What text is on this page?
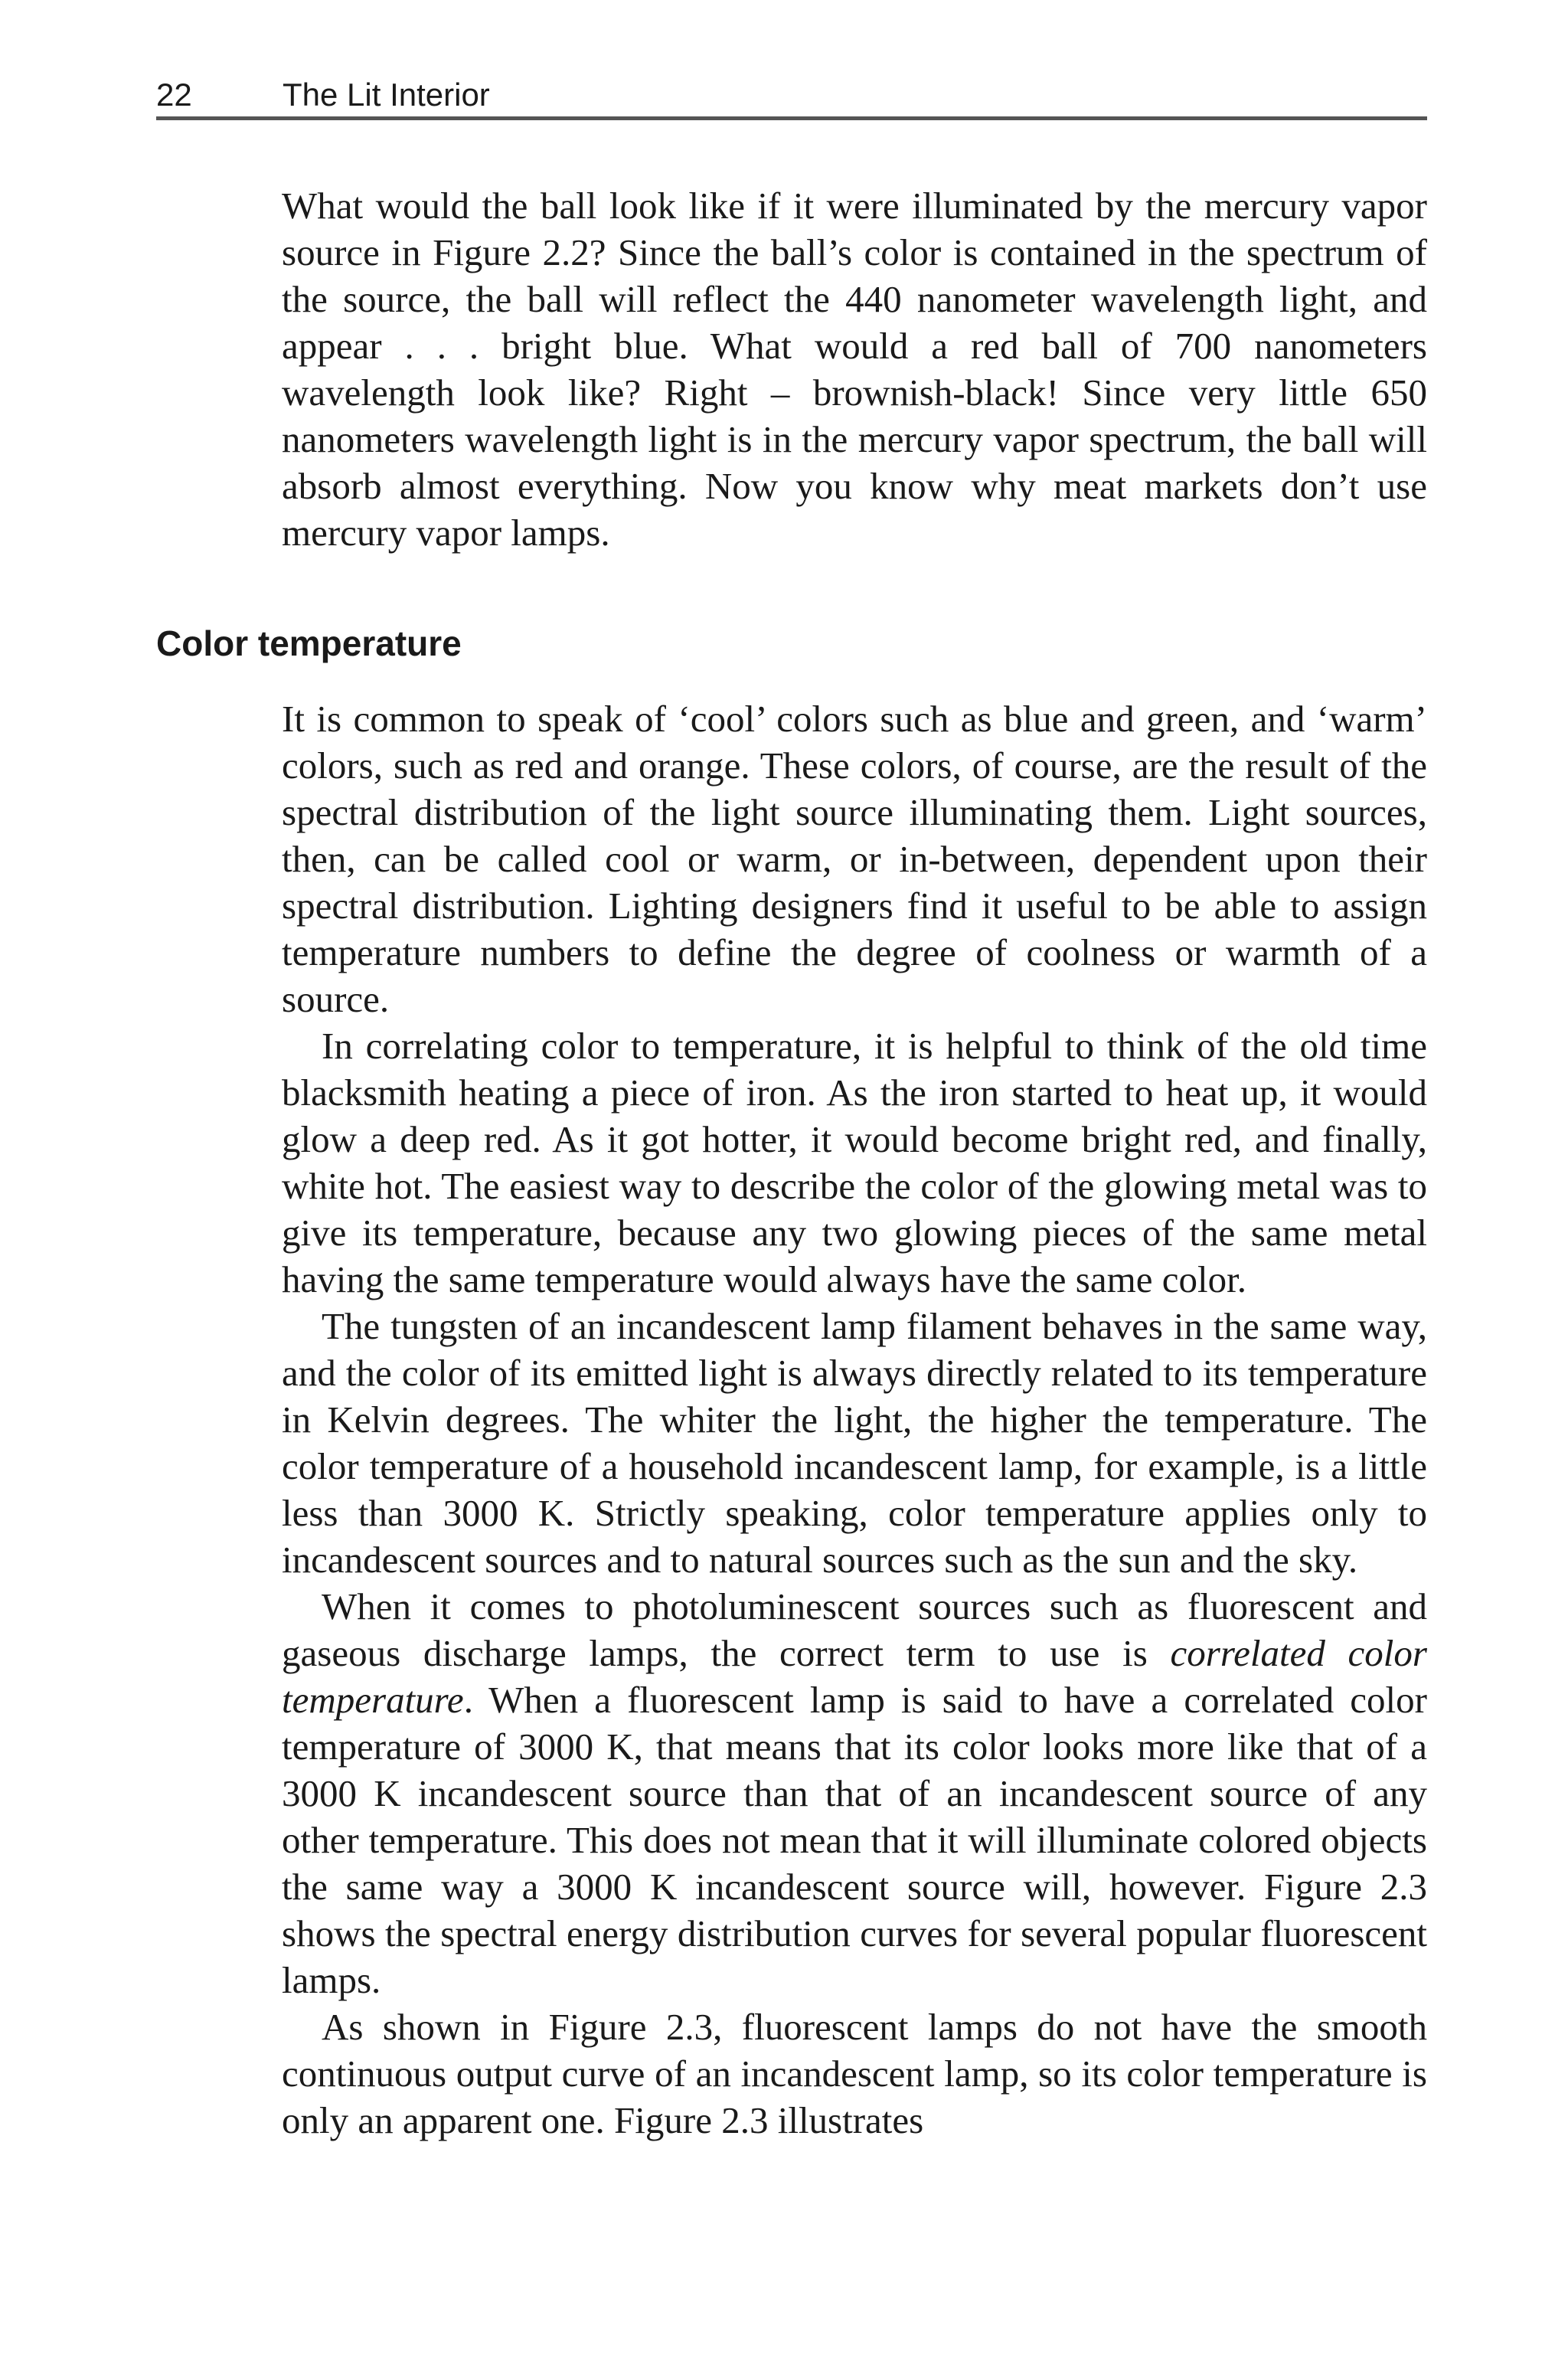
22	The Lit Interior

What would the ball look like if it were illuminated by the mercury vapor source in Figure 2.2? Since the ball’s color is contained in the spectrum of the source, the ball will reflect the 440 nanometer wavelength light, and appear . . . bright blue. What would a red ball of 700 nanometers wavelength look like? Right – brownish-black! Since very little 650 nanometers wavelength light is in the mercury vapor spectrum, the ball will absorb almost everything. Now you know why meat markets don’t use mercury vapor lamps.

Color temperature

It is common to speak of ‘cool’ colors such as blue and green, and ‘warm’ colors, such as red and orange. These colors, of course, are the result of the spectral distribution of the light source illuminating them. Light sources, then, can be called cool or warm, or in-between, dependent upon their spectral distribution. Lighting designers find it useful to be able to assign temperature numbers to define the degree of coolness or warmth of a source.

In correlating color to temperature, it is helpful to think of the old time blacksmith heating a piece of iron. As the iron started to heat up, it would glow a deep red. As it got hotter, it would become bright red, and finally, white hot. The easiest way to describe the color of the glowing metal was to give its temperature, because any two glowing pieces of the same metal having the same temperature would always have the same color.

The tungsten of an incandescent lamp filament behaves in the same way, and the color of its emitted light is always directly related to its temperature in Kelvin degrees. The whiter the light, the higher the temperature. The color temperature of a household incandescent lamp, for example, is a little less than 3000 K. Strictly speaking, color temperature applies only to incandescent sources and to natural sources such as the sun and the sky.

When it comes to photoluminescent sources such as fluorescent and gaseous discharge lamps, the correct term to use is correlated color temperature. When a fluorescent lamp is said to have a correlated color temperature of 3000 K, that means that its color looks more like that of a 3000 K incandescent source than that of an incandescent source of any other temperature. This does not mean that it will illuminate colored objects the same way a 3000 K incandescent source will, however. Figure 2.3 shows the spectral energy distribution curves for several popular fluorescent lamps.

As shown in Figure 2.3, fluorescent lamps do not have the smooth continuous output curve of an incandescent lamp, so its color temperature is only an apparent one. Figure 2.3 illustrates
